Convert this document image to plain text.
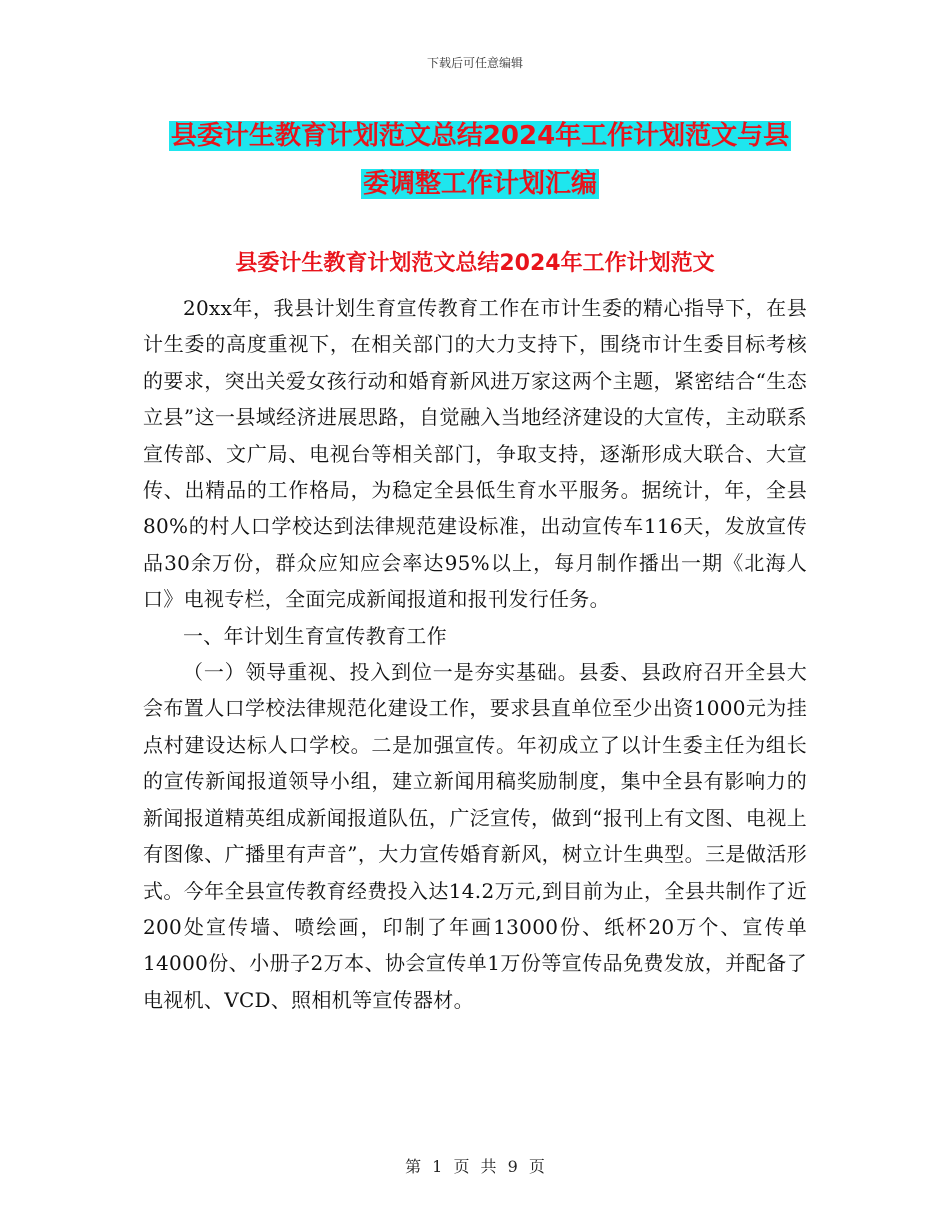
下载后可任意编辑
县委计生教育计划范文总结2024年工作计划范文与县
委调整工作计划汇编
县委计生教育计划范文总结2024年工作计划范文

20xx年，我县计划生育宣传教育工作在市计生委的精心指导下，在县计生委的高度重视下，在相关部门的大力支持下，围绕市计生委目标考核的要求，突出关爱女孩行动和婚育新风进万家这两个主题，紧密结合“生态立县”这一县域经济进展思路，自觉融入当地经济建设的大宣传，主动联系宣传部、文广局、电视台等相关部门，争取支持，逐渐形成大联合、大宣传、出精品的工作格局，为稳定全县低生育水平服务。据统计，年，全县80%的村人口学校达到法律规范建设标准，出动宣传车116天，发放宣传品30余万份，群众应知应会率达95%以上，每月制作播出一期《北海人口》电视专栏，全面完成新闻报道和报刊发行任务。

一、年计划生育宣传教育工作

（一）领导重视、投入到位一是夯实基础。县委、县政府召开全县大会布置人口学校法律规范化建设工作，要求县直单位至少出资1000元为挂点村建设达标人口学校。二是加强宣传。年初成立了以计生委主任为组长的宣传新闻报道领导小组，建立新闻用稿奖励制度，集中全县有影响力的新闻报道精英组成新闻报道队伍，广泛宣传，做到“报刊上有文图、电视上有图像、广播里有声音”，大力宣传婚育新风，树立计生典型。三是做活形式。今年全县宣传教育经费投入达14.2万元,到目前为止，全县共制作了近200处宣传墙、喷绘画，印制了年画13000份、纸杯20万个、宣传单14000份、小册子2万本、协会宣传单1万份等宣传品免费发放，并配备了电视机、VCD、照相机等宣传器材。

第 1 页 共 9 页
